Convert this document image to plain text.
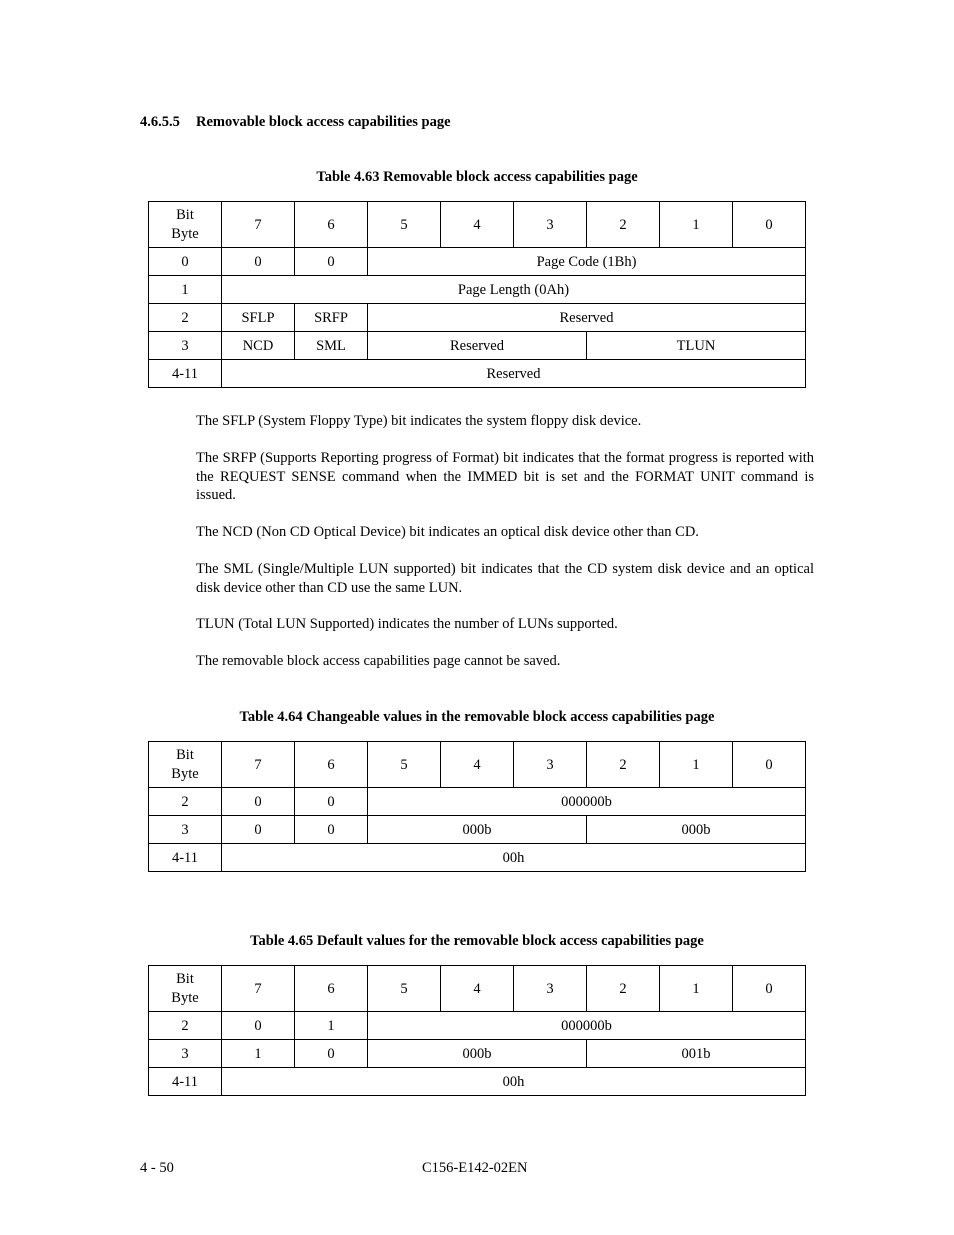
4.6.5.5 Removable block access capabilities page
Table 4.63 Removable block access capabilities page
Bit
Byte	7	6	5	4	3	2	1	0
0	0	0	Page Code (1Bh)					
1	Page Length (0Ah)							
2	SFLP	SRFP	Reserved					
3	NCD	SML	Reserved			TLUN		
4-11	Reserved							

The SFLP (System Floppy Type) bit indicates the system floppy disk device.

The SRFP (Supports Reporting progress of Format) bit indicates that the format progress is reported with the REQUEST SENSE command when the IMMED bit is set and the FORMAT UNIT command is issued.

The NCD (Non CD Optical Device) bit indicates an optical disk device other than CD.

The SML (Single/Multiple LUN supported) bit indicates that the CD system disk device and an optical disk device other than CD use the same LUN.

TLUN (Total LUN Supported) indicates the number of LUNs supported.

The removable block access capabilities page cannot be saved.

Table 4.64 Changeable values in the removable block access capabilities page
Bit
Byte	7	6	5	4	3	2	1	0
2	0	0	000000b					
3	0	0	000b			000b		
4-11	00h							
Table 4.65 Default values for the removable block access capabilities page
Bit
Byte	7	6	5	4	3	2	1	0
2	0	1	000000b					
3	1	0	000b			001b		
4-11	00h							
4 - 50	C156-E142-02EN
